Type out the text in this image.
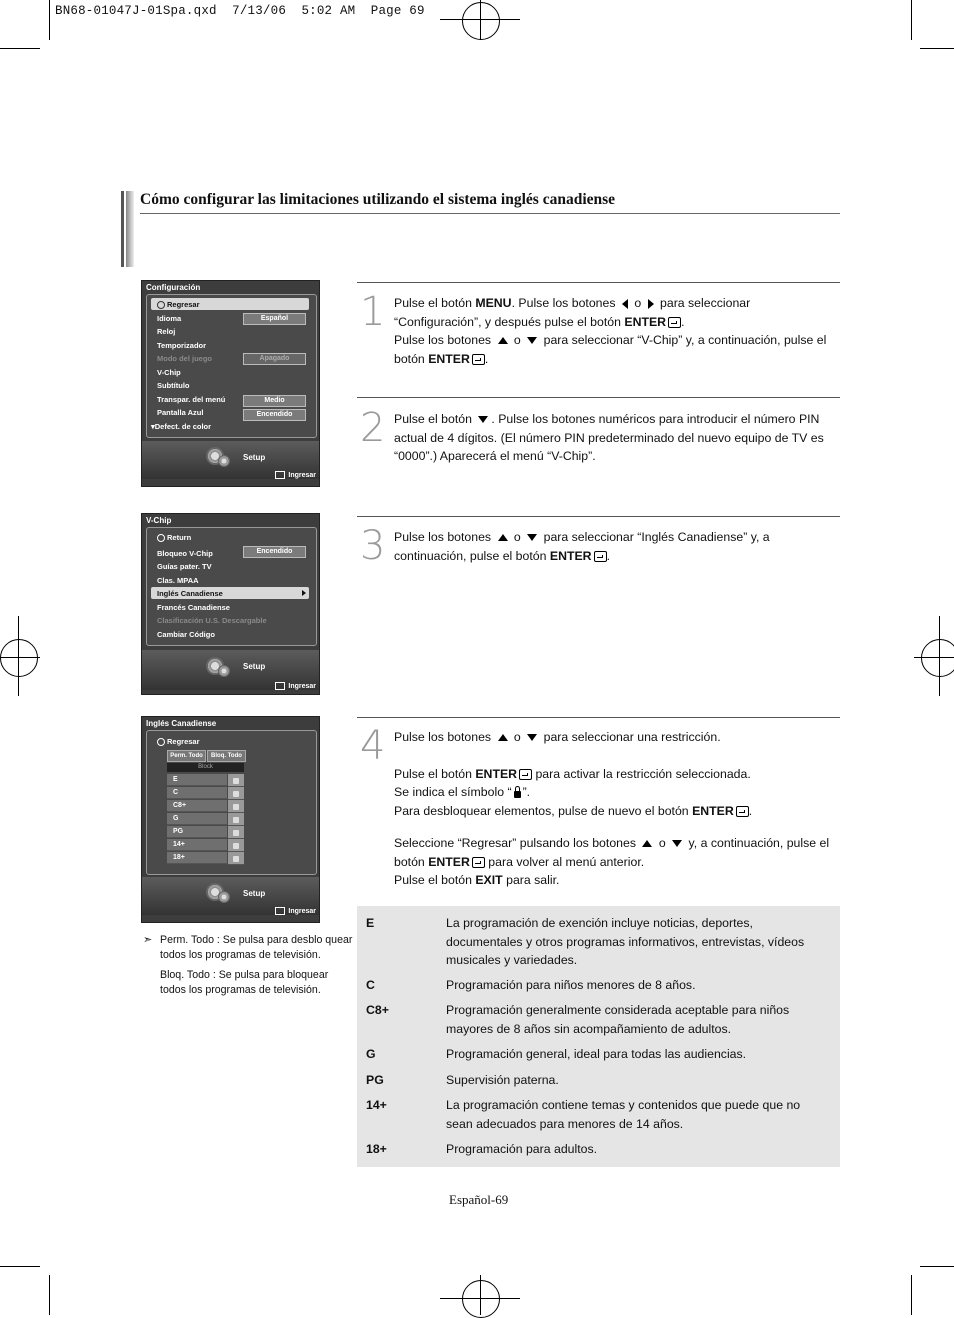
BN68-01047J-01Spa.qxd  7/13/06  5:02 AM  Page 69
Cómo configurar las limitaciones utilizando el sistema inglés canadiense
Configuración
Regresar
Idioma	Español
Reloj
Temporizador
Modo del juego	Apagado
V-Chip
Subtítulo
Transpar. del menú	Medio
Pantalla Azul	Encendido
▾Defect. de color
Setup
Ingresar
V-Chip
Return
Bloqueo V-Chip	Encendido
Guías pater. TV
Clas. MPAA
Inglés Canadiense
Francés Canadiense
Clasificación U.S. Descargable
Cambiar Código
Setup
Ingresar
Inglés Canadiense
Regresar
Perm. Todo	Bloq. Todo
Block
E
C
C8+
G
PG
14+
18+
Setup
Ingresar
1 Pulse el botón MENU. Pulse los botones  o  para seleccionar “Configuración”, y después pulse el botón ENTER .
Pulse los botones  o  para seleccionar “V-Chip” y, a continuación, pulse el botón ENTER .
2 Pulse el botón . Pulse los botones numéricos para introducir el número PIN actual de 4 dígitos. (El número PIN predeterminado del nuevo equipo de TV es “0000”.) Aparecerá el menú “V-Chip”.
3 Pulse los botones  o  para seleccionar “Inglés Canadiense” y, a continuación, pulse el botón ENTER .
4 Pulse los botones  o  para seleccionar una restricción.
Pulse el botón ENTER para activar la restricción seleccionada.
Se indica el símbolo “ ”.
Para desbloquear elementos, pulse de nuevo el botón ENTER .
Seleccione “Regresar” pulsando los botones  o  y, a continuación, pulse el botón ENTER para volver al menú anterior.
Pulse el botón EXIT para salir.
➣ Perm. Todo : Se pulsa para desblo quear todos los programas de televisión.
Bloq. Todo : Se pulsa para bloquear todos los programas de televisión.
E	La programación de exención incluye noticias, deportes, documentales y otros programas informativos, entrevistas, vídeos musicales y variedades.
C	Programación para niños menores de 8 años.
C8+	Programación generalmente considerada aceptable para niños mayores de 8 años sin acompañamiento de adultos.
G	Programación general, ideal para todas las audiencias.
PG	Supervisión paterna.
14+	La programación contiene temas y contenidos que puede que no sean adecuados para menores de 14 años.
18+	Programación para adultos.
Español-69
